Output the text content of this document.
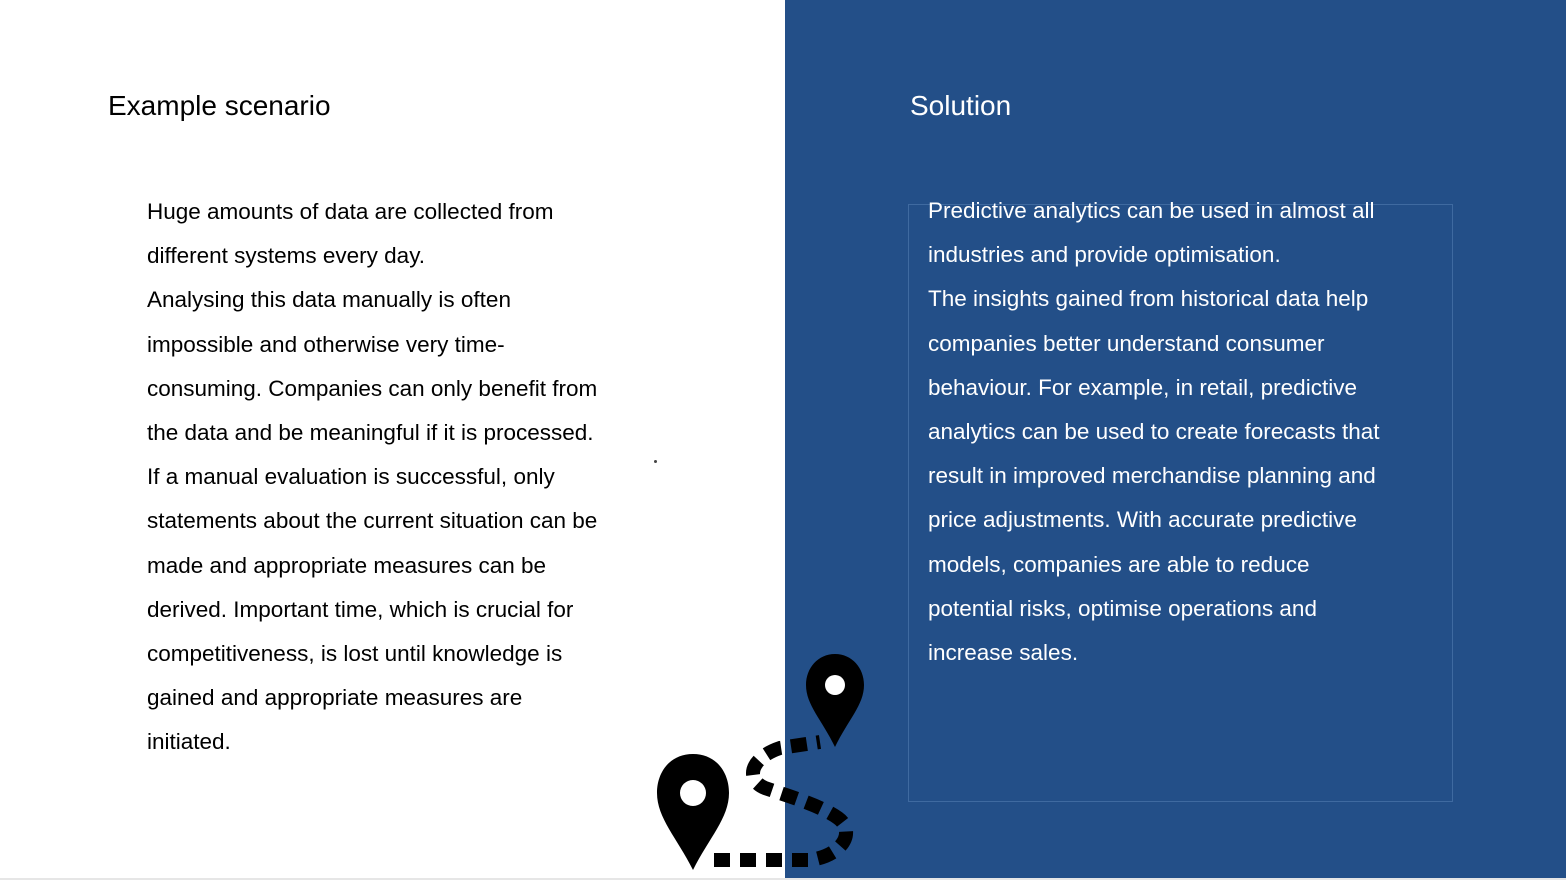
Example scenario
Huge amounts of data are collected from
different systems every day.
Analysing this data manually is often
impossible and otherwise very time-
consuming. Companies can only benefit from
the data and be meaningful if it is processed.
If a manual evaluation is successful, only
statements about the current situation can be
made and appropriate measures can be
derived. Important time, which is crucial for
competitiveness, is lost until knowledge is
gained and appropriate measures are
initiated.
Solution
Predictive analytics can be used in almost all
industries and provide optimisation.
The insights gained from historical data help
companies better understand consumer
behaviour. For example, in retail, predictive
analytics can be used to create forecasts that
result in improved merchandise planning and
price adjustments. With accurate predictive
models, companies are able to reduce
potential risks, optimise operations and
increase sales.
